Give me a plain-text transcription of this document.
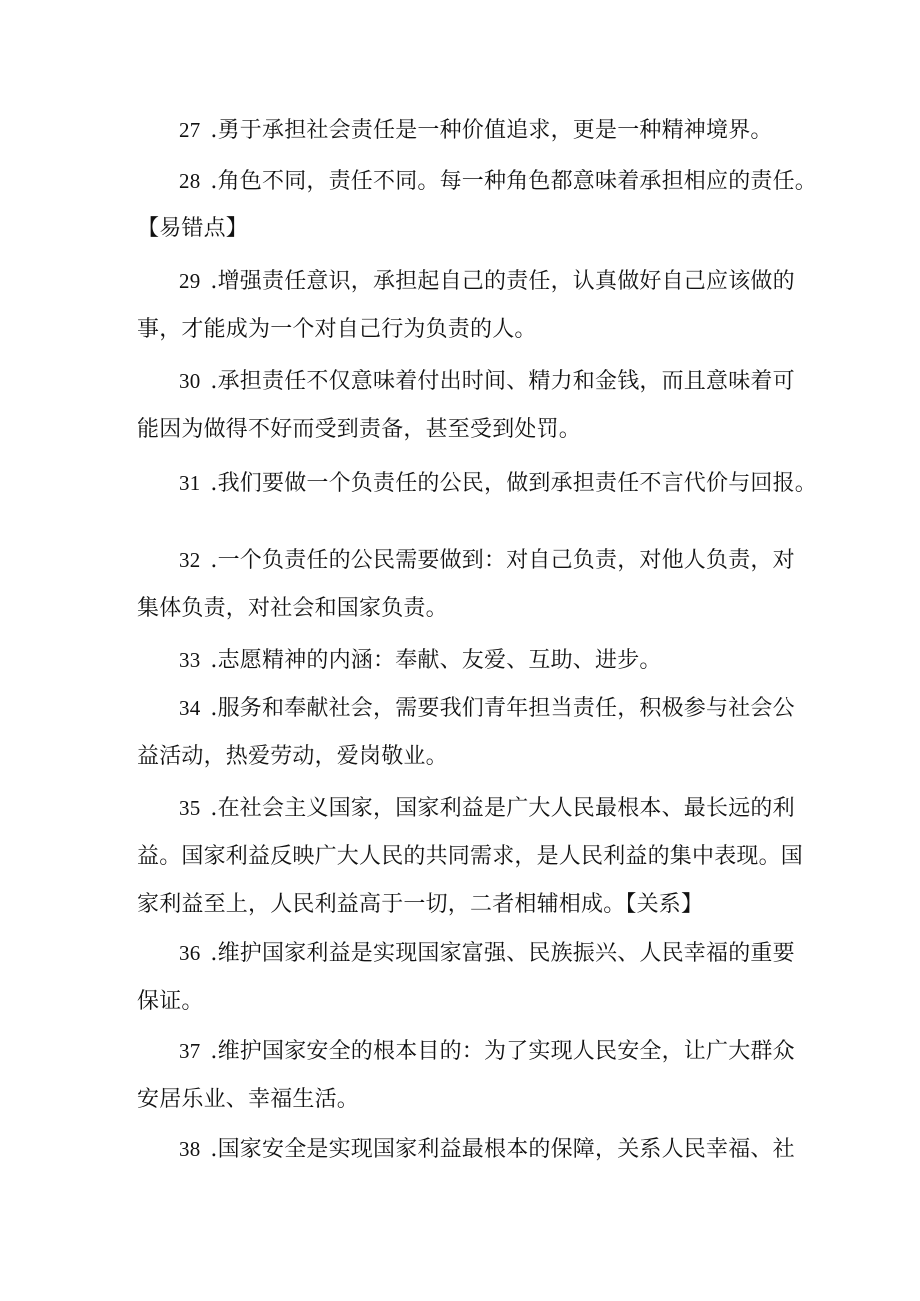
27 .勇于承担社会责任是一种价值追求，更是一种精神境界。
28 .角色不同，责任不同。每一种角色都意味着承担相应的责任。
【易错点】
29 .增强责任意识，承担起自己的责任，认真做好自己应该做的
事，才能成为一个对自己行为负责的人。
30 .承担责任不仅意味着付出时间、精力和金钱，而且意味着可
能因为做得不好而受到责备，甚至受到处罚。
31 .我们要做一个负责任的公民，做到承担责任不言代价与回报。
32 .一个负责任的公民需要做到：对自己负责，对他人负责，对
集体负责，对社会和国家负责。
33 .志愿精神的内涵：奉献、友爱、互助、进步。
34 .服务和奉献社会，需要我们青年担当责任，积极参与社会公
益活动，热爱劳动，爱岗敬业。
35 .在社会主义国家，国家利益是广大人民最根本、最长远的利
益。国家利益反映广大人民的共同需求，是人民利益的集中表现。国
家利益至上，人民利益高于一切，二者相辅相成。【关系】
36 .维护国家利益是实现国家富强、民族振兴、人民幸福的重要
保证。
37 .维护国家安全的根本目的：为了实现人民安全，让广大群众
安居乐业、幸福生活。
38 .国家安全是实现国家利益最根本的保障，关系人民幸福、社
